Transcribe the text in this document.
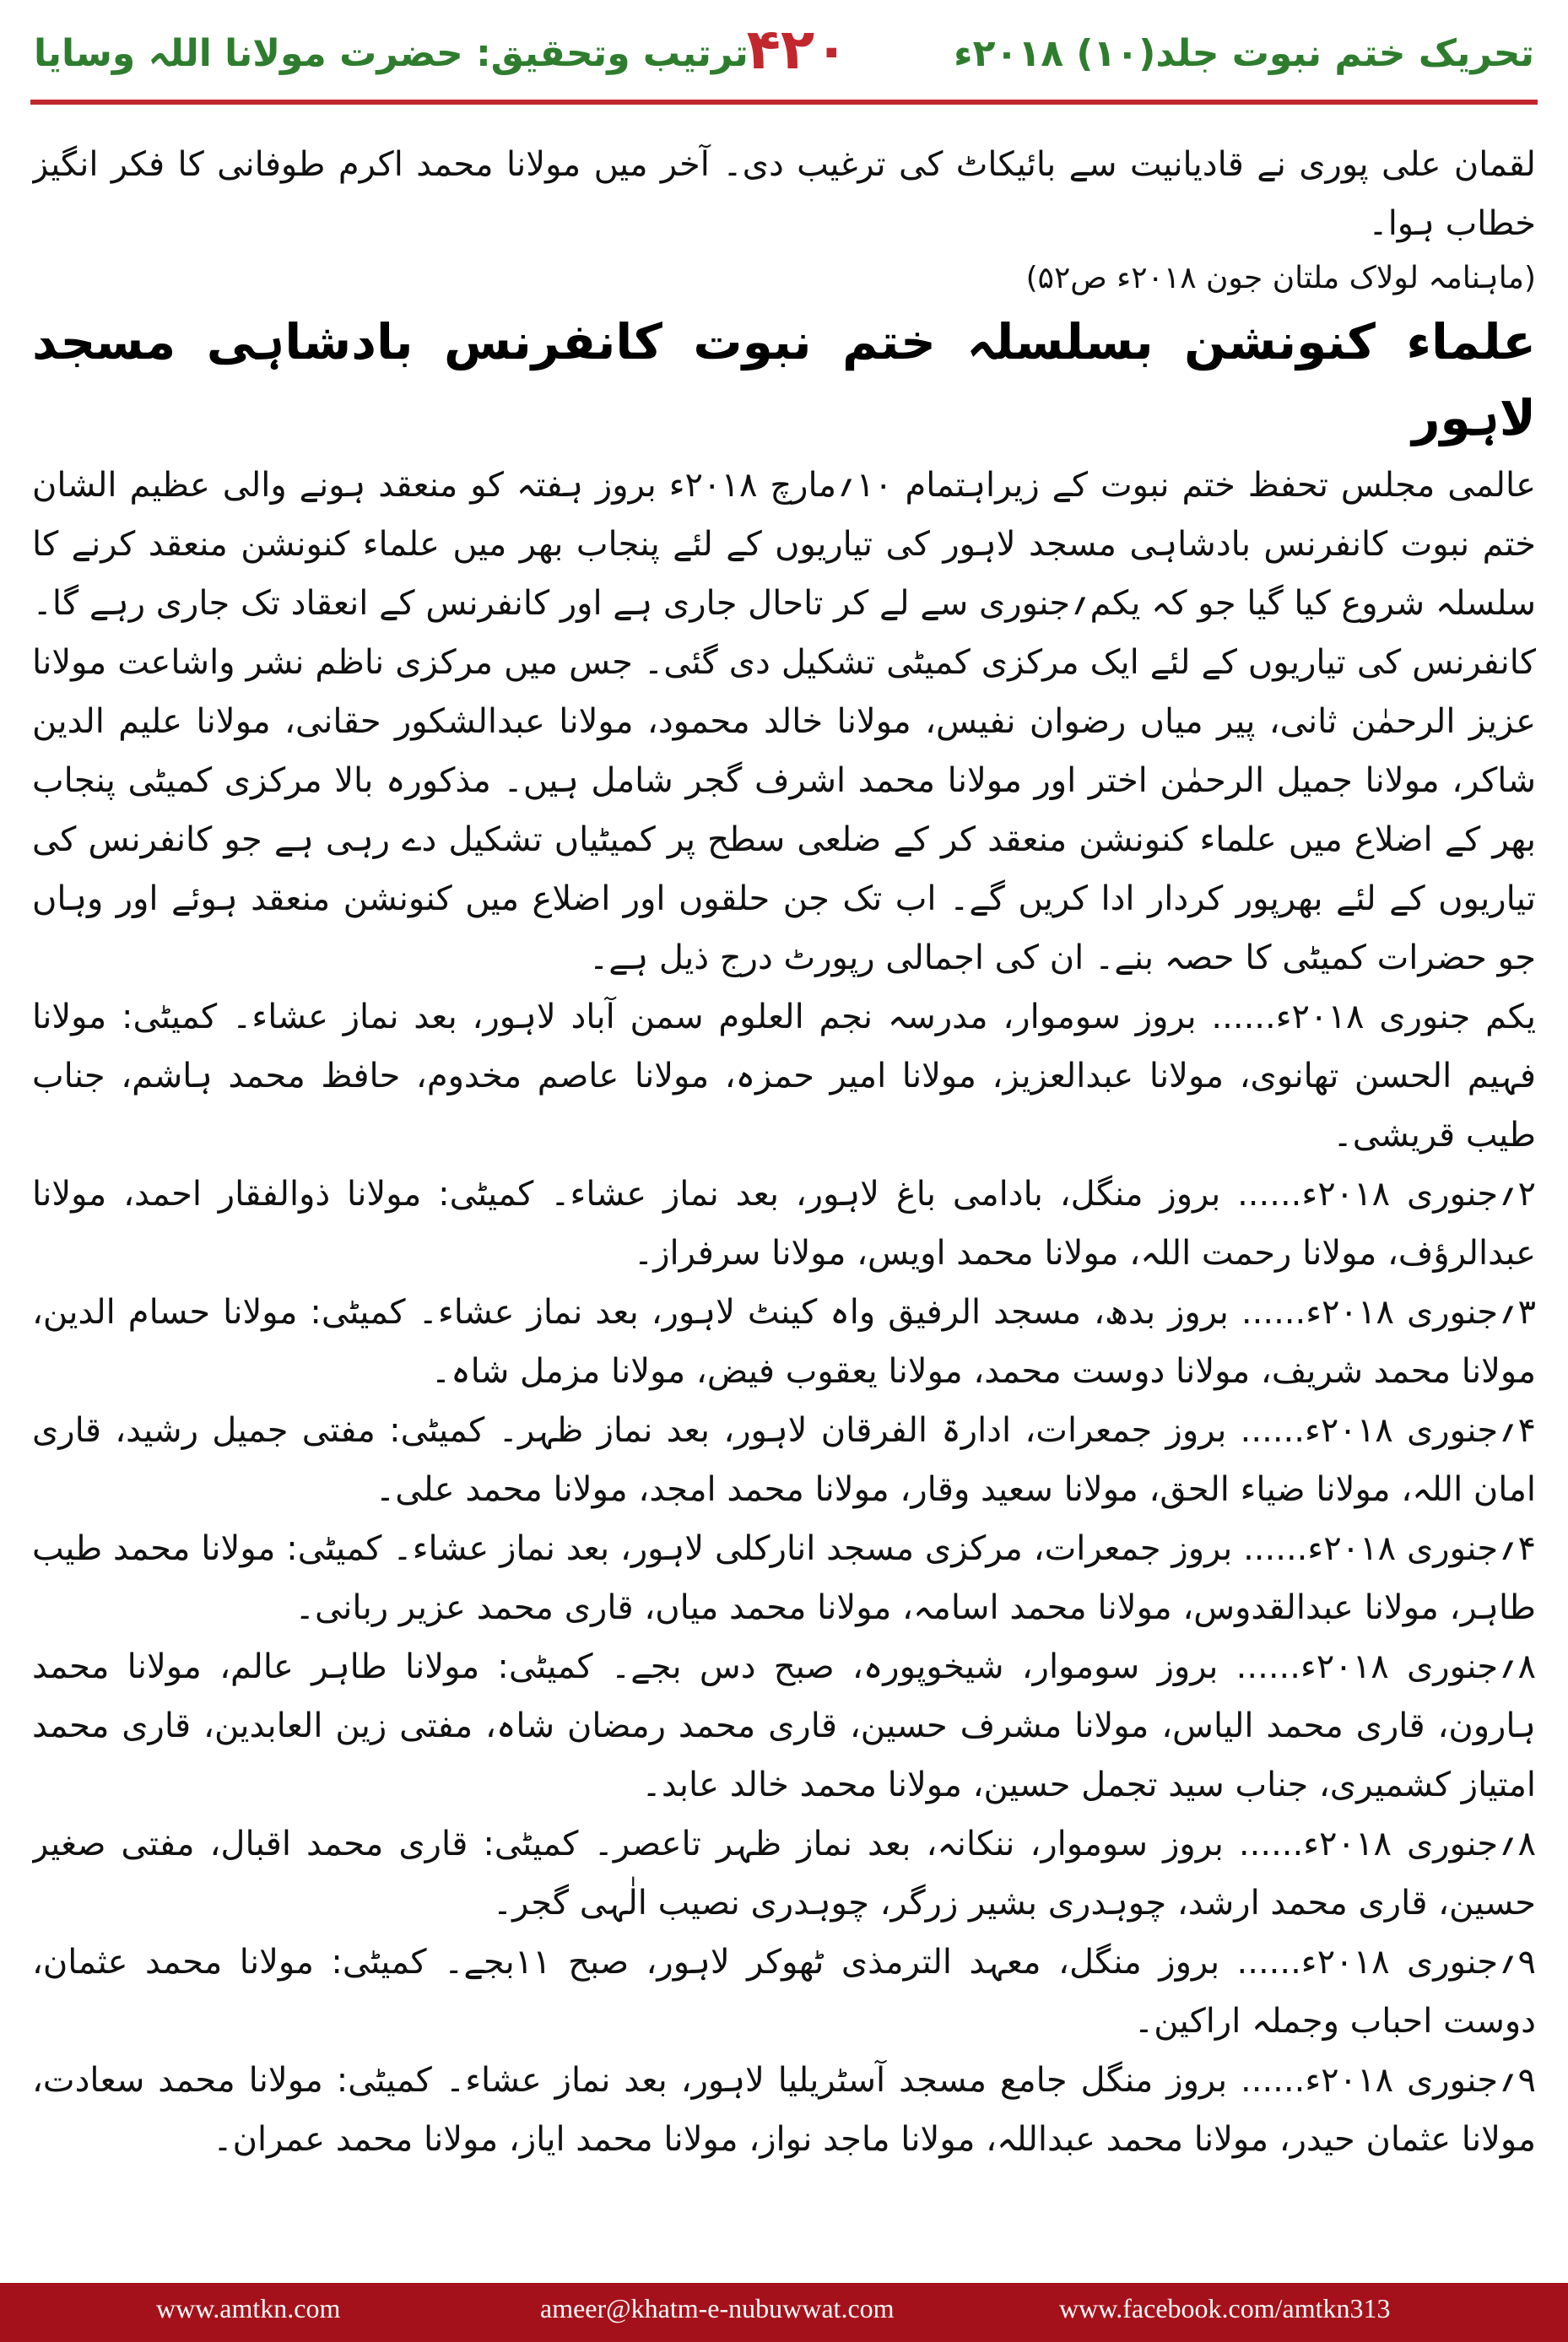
ترتیب وتحقیق: حضرت مولانا اللہ وسایا
۴۲۰	تحریک ختم نبوت جلد(۱۰) ۲۰۱۸ء

لقمان علی پوری نے قادیانیت سے بائیکاٹ کی ترغیب دی۔ آخر میں مولانا محمد اکرم طوفانی کا فکر انگیز خطاب ہوا۔

(ماہنامہ لولاک ملتان جون ۲۰۱۸ء ص۵۲)

علماء کنونشن بسلسلہ ختم نبوت کانفرنس بادشاہی مسجد لاہور

عالمی مجلس تحفظ ختم نبوت کے زیراہتمام ۱۰؍مارچ ۲۰۱۸ء بروز ہفتہ کو منعقد ہونے والی عظیم الشان ختم نبوت کانفرنس بادشاہی مسجد لاہور کی تیاریوں کے لئے پنجاب بھر میں علماء کنونشن منعقد کرنے کا سلسلہ شروع کیا گیا جو کہ یکم؍جنوری سے لے کر تاحال جاری ہے اور کانفرنس کے انعقاد تک جاری رہے گا۔

کانفرنس کی تیاریوں کے لئے ایک مرکزی کمیٹی تشکیل دی گئی۔ جس میں مرکزی ناظم نشر واشاعت مولانا عزیز الرحمٰن ثانی، پیر میاں رضوان نفیس، مولانا خالد محمود، مولانا عبدالشکور حقانی، مولانا علیم الدین شاکر، مولانا جمیل الرحمٰن اختر اور مولانا محمد اشرف گجر شامل ہیں۔ مذکورہ بالا مرکزی کمیٹی پنجاب بھر کے اضلاع میں علماء کنونشن منعقد کر کے ضلعی سطح پر کمیٹیاں تشکیل دے رہی ہے جو کانفرنس کی تیاریوں کے لئے بھرپور کردار ادا کریں گے۔ اب تک جن حلقوں اور اضلاع میں کنونشن منعقد ہوئے اور وہاں جو حضرات کمیٹی کا حصہ بنے۔ ان کی اجمالی رپورٹ درج ذیل ہے۔

یکم جنوری ۲۰۱۸ء...... بروز سوموار، مدرسہ نجم العلوم سمن آباد لاہور، بعد نماز عشاء۔ کمیٹی: مولانا فہیم الحسن تھانوی، مولانا عبدالعزیز، مولانا امیر حمزہ، مولانا عاصم مخدوم، حافظ محمد ہاشم، جناب طیب قریشی۔

۲؍جنوری ۲۰۱۸ء...... بروز منگل، بادامی باغ لاہور، بعد نماز عشاء۔ کمیٹی: مولانا ذوالفقار احمد، مولانا عبدالرؤف، مولانا رحمت اللہ، مولانا محمد اویس، مولانا سرفراز۔

۳؍جنوری ۲۰۱۸ء...... بروز بدھ، مسجد الرفیق واہ کینٹ لاہور، بعد نماز عشاء۔ کمیٹی: مولانا حسام الدین، مولانا محمد شریف، مولانا دوست محمد، مولانا یعقوب فیض، مولانا مزمل شاہ۔

۴؍جنوری ۲۰۱۸ء...... بروز جمعرات، ادارۃ الفرقان لاہور، بعد نماز ظہر۔ کمیٹی: مفتی جمیل رشید، قاری امان اللہ، مولانا ضیاء الحق، مولانا سعید وقار، مولانا محمد امجد، مولانا محمد علی۔

۴؍جنوری ۲۰۱۸ء...... بروز جمعرات، مرکزی مسجد انارکلی لاہور، بعد نماز عشاء۔ کمیٹی: مولانا محمد طیب طاہر، مولانا عبدالقدوس، مولانا محمد اسامہ، مولانا محمد میاں، قاری محمد عزیر ربانی۔

۸؍جنوری ۲۰۱۸ء...... بروز سوموار، شیخوپورہ، صبح دس بجے۔ کمیٹی: مولانا طاہر عالم، مولانا محمد ہارون، قاری محمد الیاس، مولانا مشرف حسین، قاری محمد رمضان شاہ، مفتی زین العابدین، قاری محمد امتیاز کشمیری، جناب سید تجمل حسین، مولانا محمد خالد عابد۔

۸؍جنوری ۲۰۱۸ء...... بروز سوموار، ننکانہ، بعد نماز ظہر تاعصر۔ کمیٹی: قاری محمد اقبال، مفتی صغیر حسین، قاری محمد ارشد، چوہدری بشیر زرگر، چوہدری نصیب الٰہی گجر۔

۹؍جنوری ۲۰۱۸ء...... بروز منگل، معہد الترمذی ٹھوکر لاہور، صبح ۱۱بجے۔ کمیٹی: مولانا محمد عثمان، دوست احباب وجملہ اراکین۔

۹؍جنوری ۲۰۱۸ء...... بروز منگل جامع مسجد آسٹریلیا لاہور، بعد نماز عشاء۔ کمیٹی: مولانا محمد سعادت، مولانا عثمان حیدر، مولانا محمد عبداللہ، مولانا ماجد نواز، مولانا محمد ایاز، مولانا محمد عمران۔

www.amtkn.com	ameer@khatm-e-nubuwwat.com	www.facebook.com/amtkn313
